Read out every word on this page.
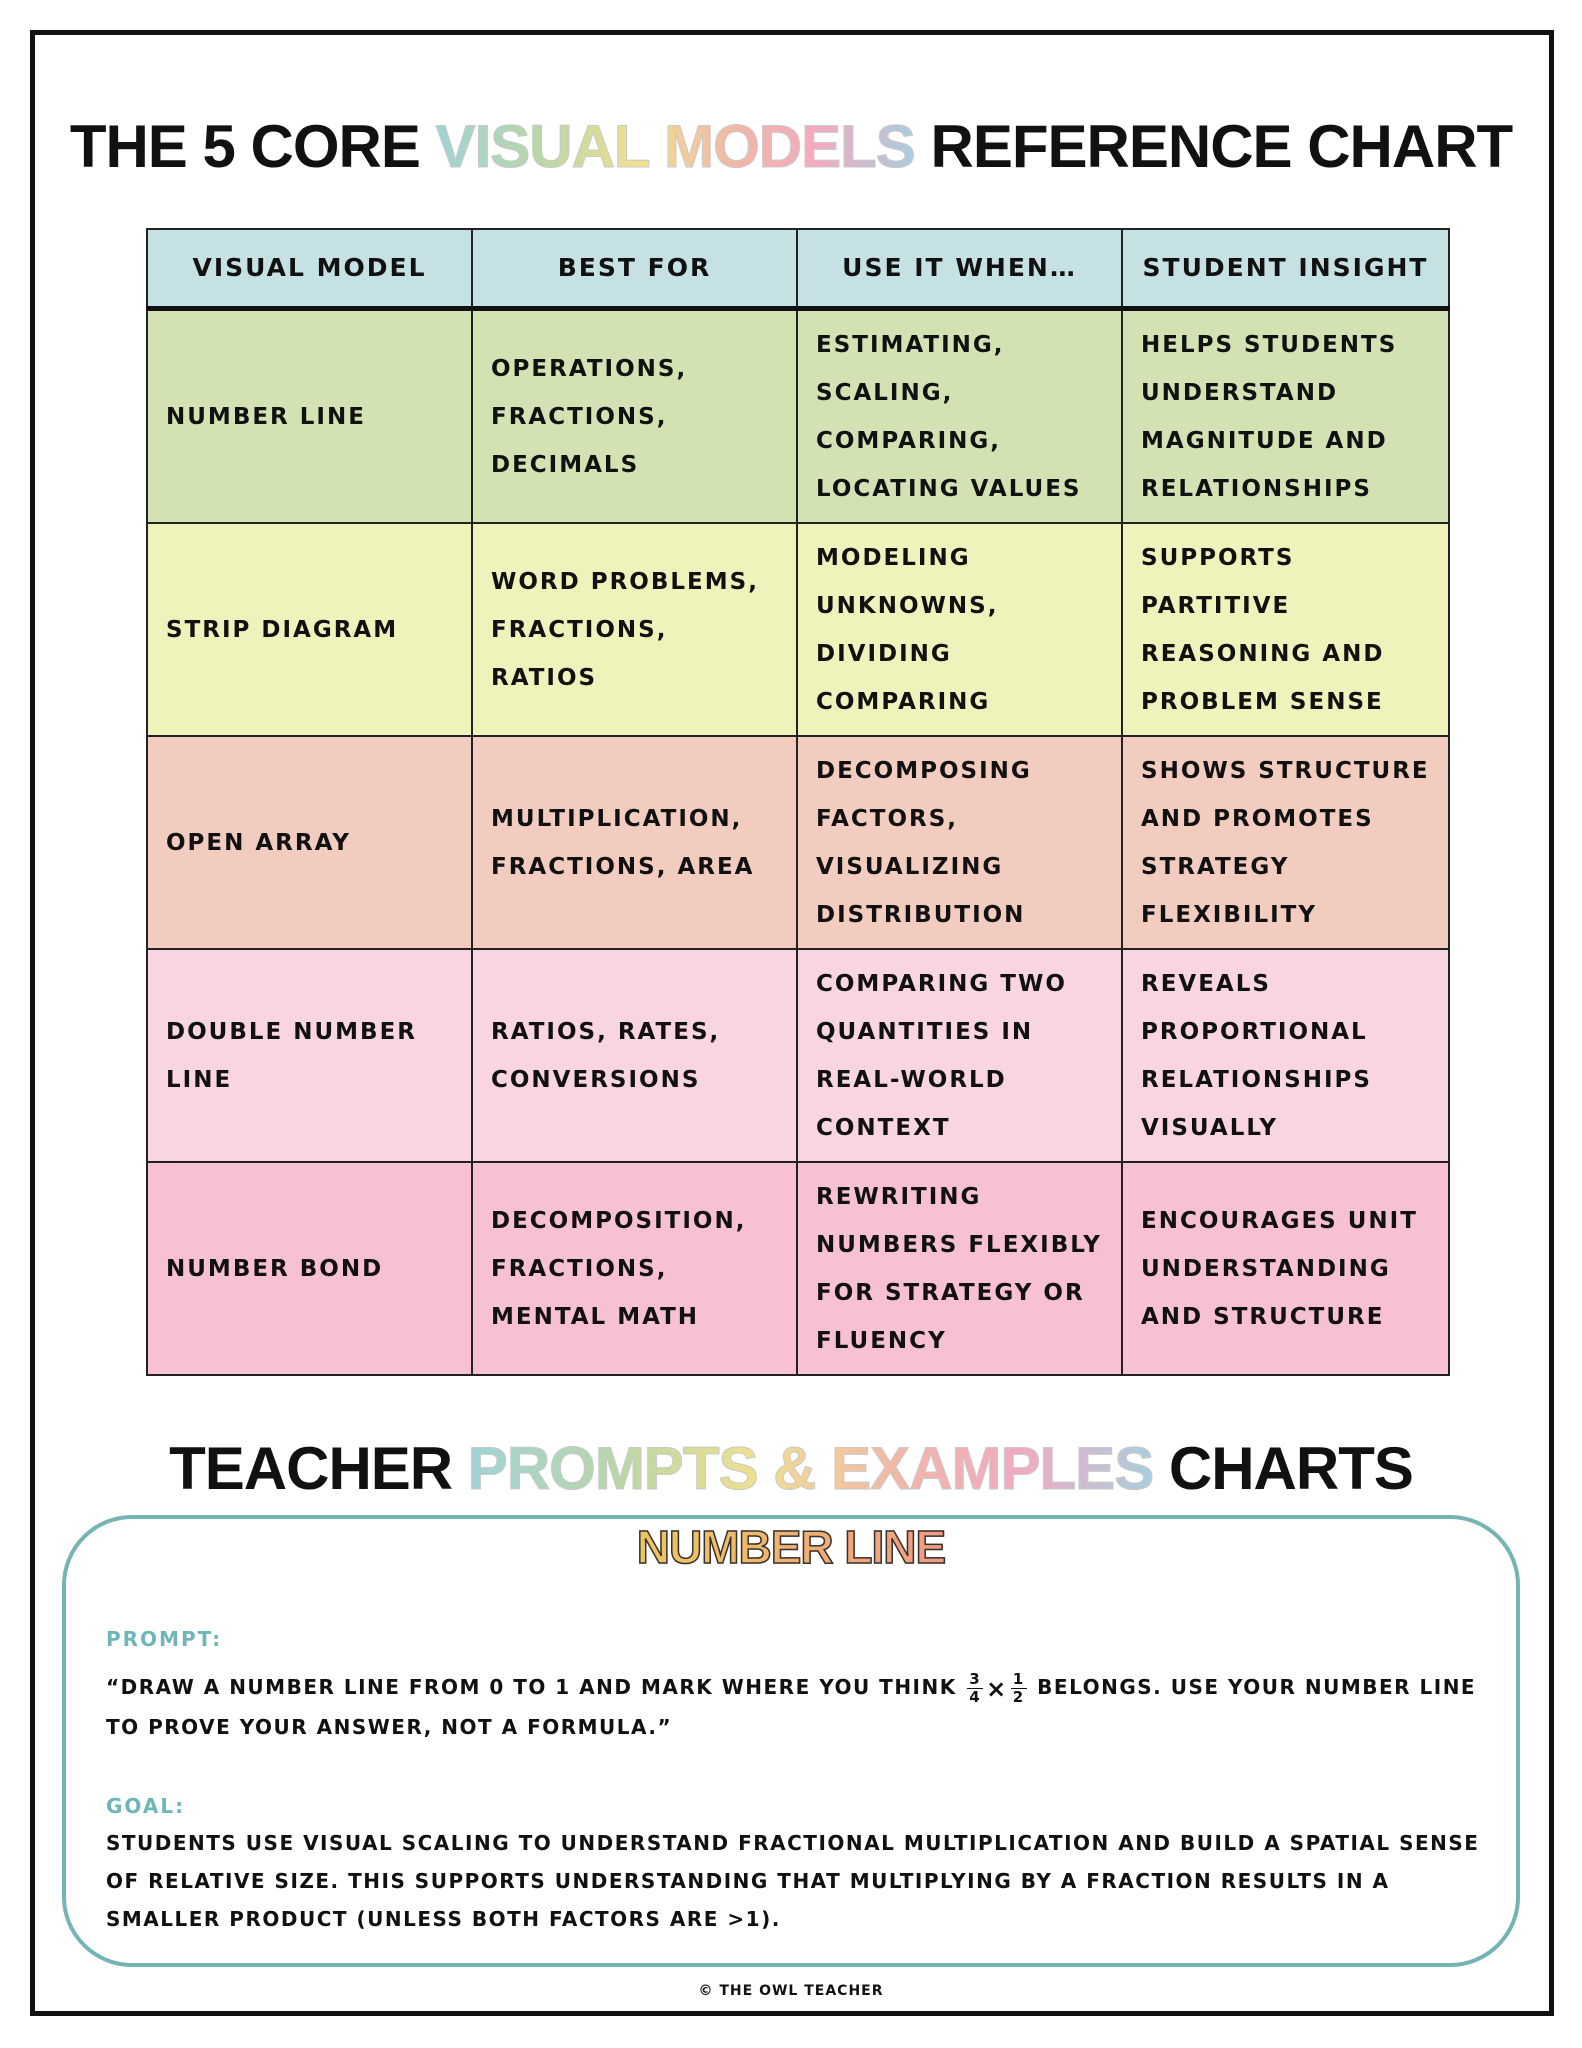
THE 5 CORE VISUAL MODELS REFERENCE CHART
VISUAL MODEL	BEST FOR	USE IT WHEN…	STUDENT INSIGHT
NUMBER LINE	OPERATIONS, FRACTIONS, DECIMALS	ESTIMATING, SCALING, COMPARING, LOCATING VALUES	HELPS STUDENTS UNDERSTAND MAGNITUDE AND RELATIONSHIPS
STRIP DIAGRAM	WORD PROBLEMS, FRACTIONS, RATIOS	MODELING UNKNOWNS, DIVIDING COMPARING	SUPPORTS PARTITIVE REASONING AND PROBLEM SENSE
OPEN ARRAY	MULTIPLICATION, FRACTIONS, AREA	DECOMPOSING FACTORS, VISUALIZING DISTRIBUTION	SHOWS STRUCTURE AND PROMOTES STRATEGY FLEXIBILITY
DOUBLE NUMBER LINE	RATIOS, RATES, CONVERSIONS	COMPARING TWO QUANTITIES IN REAL-WORLD CONTEXT	REVEALS PROPORTIONAL RELATIONSHIPS VISUALLY
NUMBER BOND	DECOMPOSITION, FRACTIONS, MENTAL MATH	REWRITING NUMBERS FLEXIBLY FOR STRATEGY OR FLUENCY	ENCOURAGES UNIT UNDERSTANDING AND STRUCTURE
TEACHER PROMPTS & EXAMPLES CHARTS
NUMBER LINE
PROMPT:
“DRAW A NUMBER LINE FROM 0 TO 1 AND MARK WHERE YOU THINK $\frac{3}{4} \times \frac{1}{2}$ BELONGS. USE YOUR NUMBER LINE TO PROVE YOUR ANSWER, NOT A FORMULA.”
GOAL:
STUDENTS USE VISUAL SCALING TO UNDERSTAND FRACTIONAL MULTIPLICATION AND BUILD A SPATIAL SENSE OF RELATIVE SIZE. THIS SUPPORTS UNDERSTANDING THAT MULTIPLYING BY A FRACTION RESULTS IN A SMALLER PRODUCT (UNLESS BOTH FACTORS ARE >1).
© THE OWL TEACHER
